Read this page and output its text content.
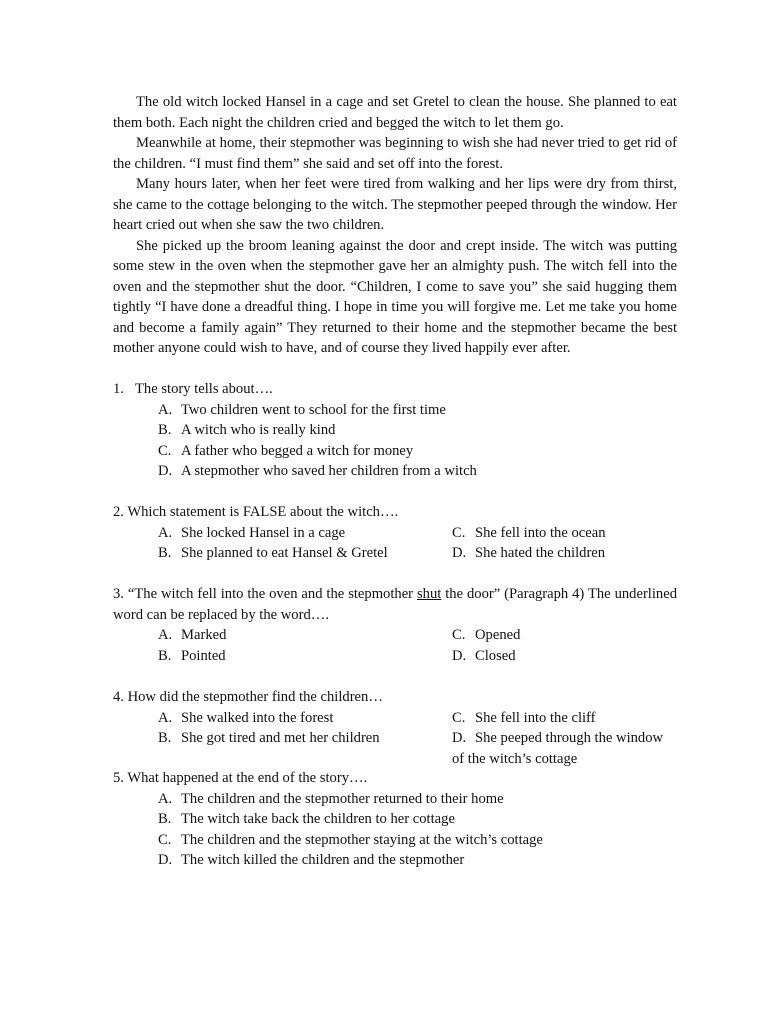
The old witch locked Hansel in a cage and set Gretel to clean the house. She planned to eat them both. Each night the children cried and begged the witch to let them go.

Meanwhile at home, their stepmother was beginning to wish she had never tried to get rid of the children. “I must find them” she said and set off into the forest.

Many hours later, when her feet were tired from walking and her lips were dry from thirst, she came to the cottage belonging to the witch. The stepmother peeped through the window. Her heart cried out when she saw the two children.

She picked up the broom leaning against the door and crept inside. The witch was putting some stew in the oven when the stepmother gave her an almighty push. The witch fell into the oven and the stepmother shut the door. “Children, I come to save you” she said hugging them tightly “I have done a dreadful thing. I hope in time you will forgive me. Let me take you home and become a family again” They returned to their home and the stepmother became the best mother anyone could wish to have, and of course they lived happily ever after.

1. The story tells about….

A. Two children went to school for the first time
B. A witch who is really kind
C. A father who begged a witch for money
D. A stepmother who saved her children from a witch

2. Which statement is FALSE about the witch….

A. She locked Hansel in a cage	C. She fell into the ocean
B. She planned to eat Hansel & Gretel	D. She hated the children

3. “The witch fell into the oven and the stepmother shut the door” (Paragraph 4) The underlined word can be replaced by the word….

A. Marked	C. Opened
B. Pointed	D. Closed

4. How did the stepmother find the children…

A. She walked into the forest	C. She fell into the cliff
B. She got tired and met her children	D. She peeped through the window of the witch’s cottage

5. What happened at the end of the story….

A. The children and the stepmother returned to their home
B. The witch take back the children to her cottage
C. The children and the stepmother staying at the witch’s cottage
D. The witch killed the children and the stepmother
